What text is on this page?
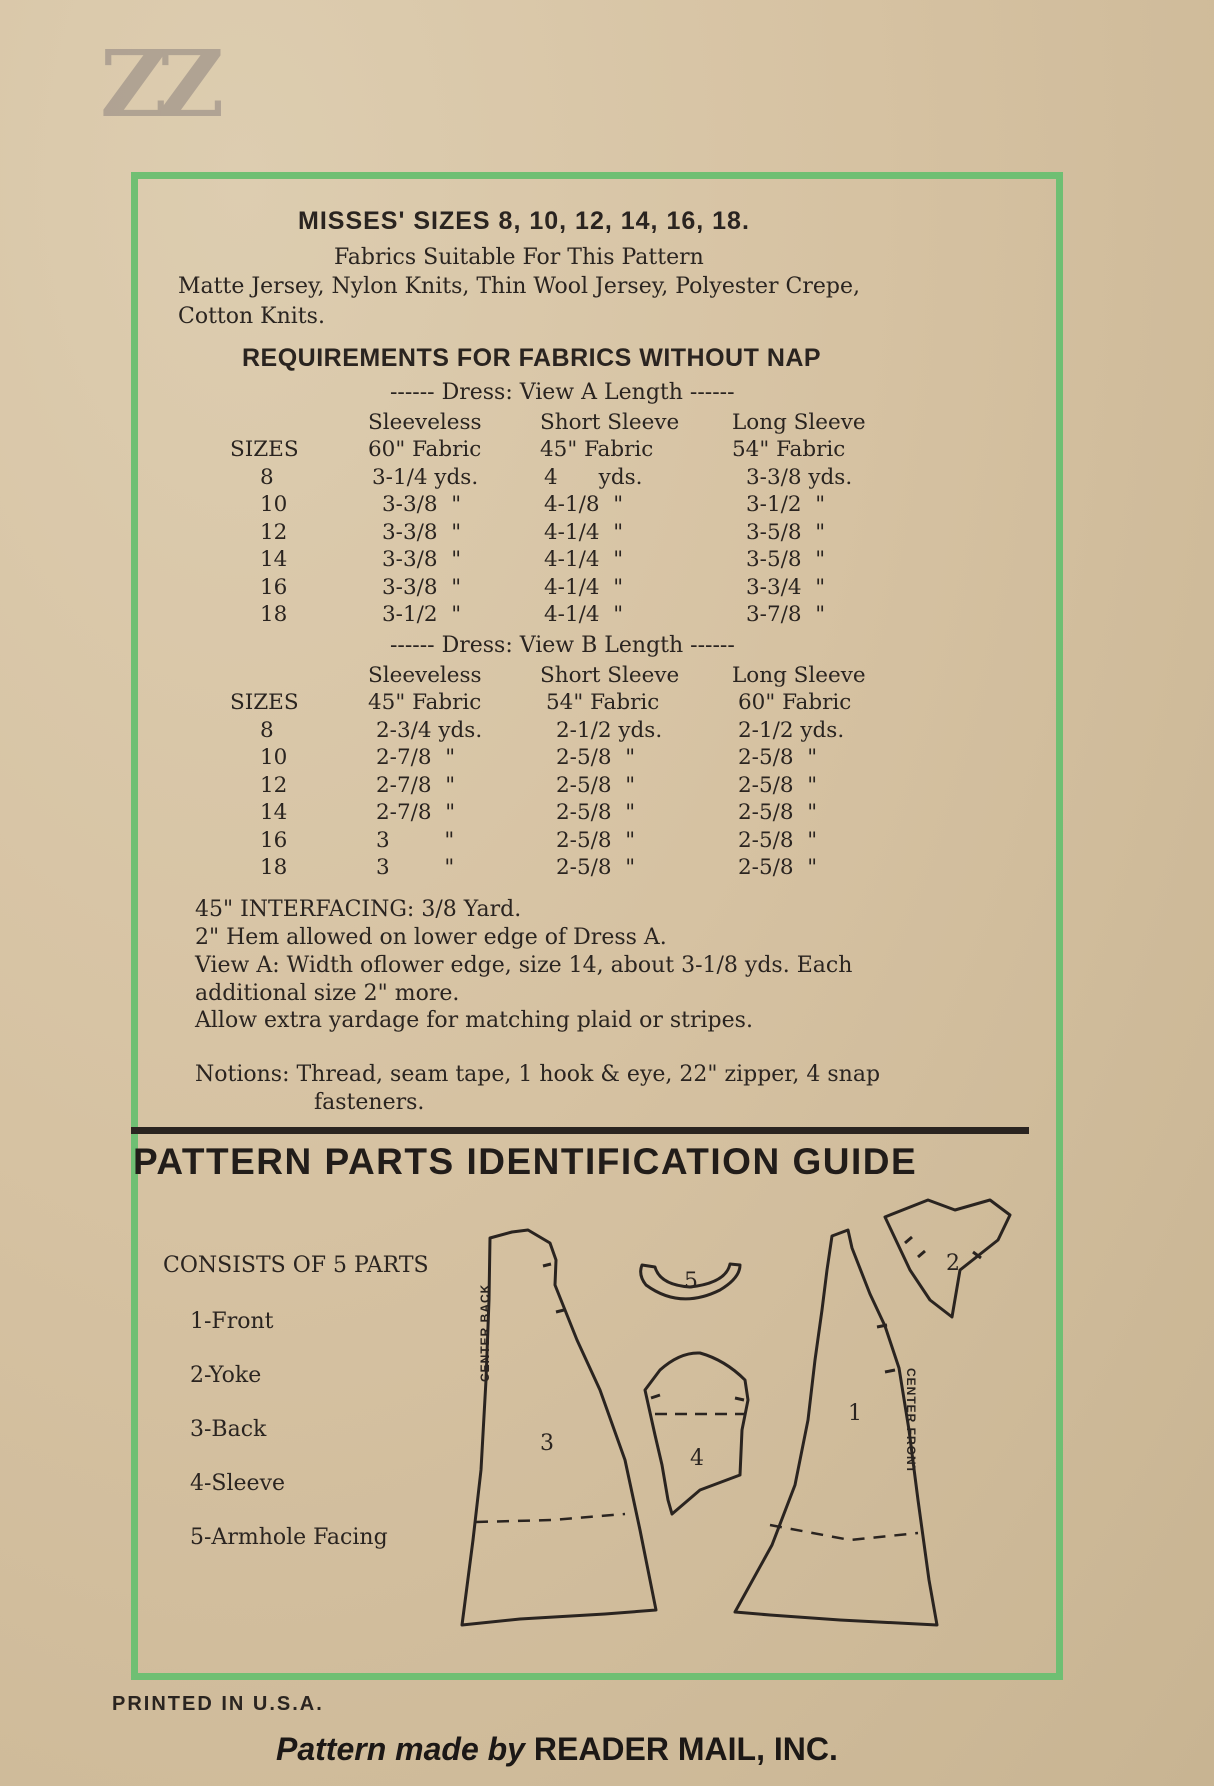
ZZ
MISSES' SIZES 8, 10, 12, 14, 16, 18.
Fabrics Suitable For This Pattern
Matte Jersey, Nylon Knits, Thin Wool Jersey, Polyester Crepe,
Cotton Knits.
REQUIREMENTS FOR FABRICS WITHOUT NAP
------ Dress: View A Length ------
	Sleeveless	Short Sleeve	Long Sleeve
SIZES	60" Fabric	45" Fabric	54" Fabric
8	3-1/4 yds.	4      yds.	3-3/8 yds.
10	3-3/8  "	4-1/8  "	3-1/2  "
12	3-3/8  "	4-1/4  "	3-5/8  "
14	3-3/8  "	4-1/4  "	3-5/8  "
16	3-3/8  "	4-1/4  "	3-3/4  "
18	3-1/2  "	4-1/4  "	3-7/8  "
------ Dress: View B Length ------
	Sleeveless	Short Sleeve	Long Sleeve
SIZES	45" Fabric	54" Fabric	60" Fabric
8	2-3/4 yds.	2-1/2 yds.	2-1/2 yds.
10	2-7/8  "	2-5/8  "	2-5/8  "
12	2-7/8  "	2-5/8  "	2-5/8  "
14	2-7/8  "	2-5/8  "	2-5/8  "
16	3        "	2-5/8  "	2-5/8  "
18	3        "	2-5/8  "	2-5/8  "
45" INTERFACING: 3/8 Yard.
2" Hem allowed on lower edge of Dress A.
View A: Width oflower edge, size 14, about 3-1/8 yds. Each
additional size 2" more.
Allow extra yardage for matching plaid or stripes.
Notions: Thread, seam tape, 1 hook & eye, 22" zipper, 4 snap
fasteners.
PATTERN PARTS IDENTIFICATION GUIDE
CONSISTS OF 5 PARTS
1-Front
2-Yoke
3-Back
4-Sleeve
5-Armhole Facing
3
5
4
1
2
CENTER BACK
CENTER FRONT
PRINTED IN U.S.A.
Pattern made by READER MAIL, INC.
